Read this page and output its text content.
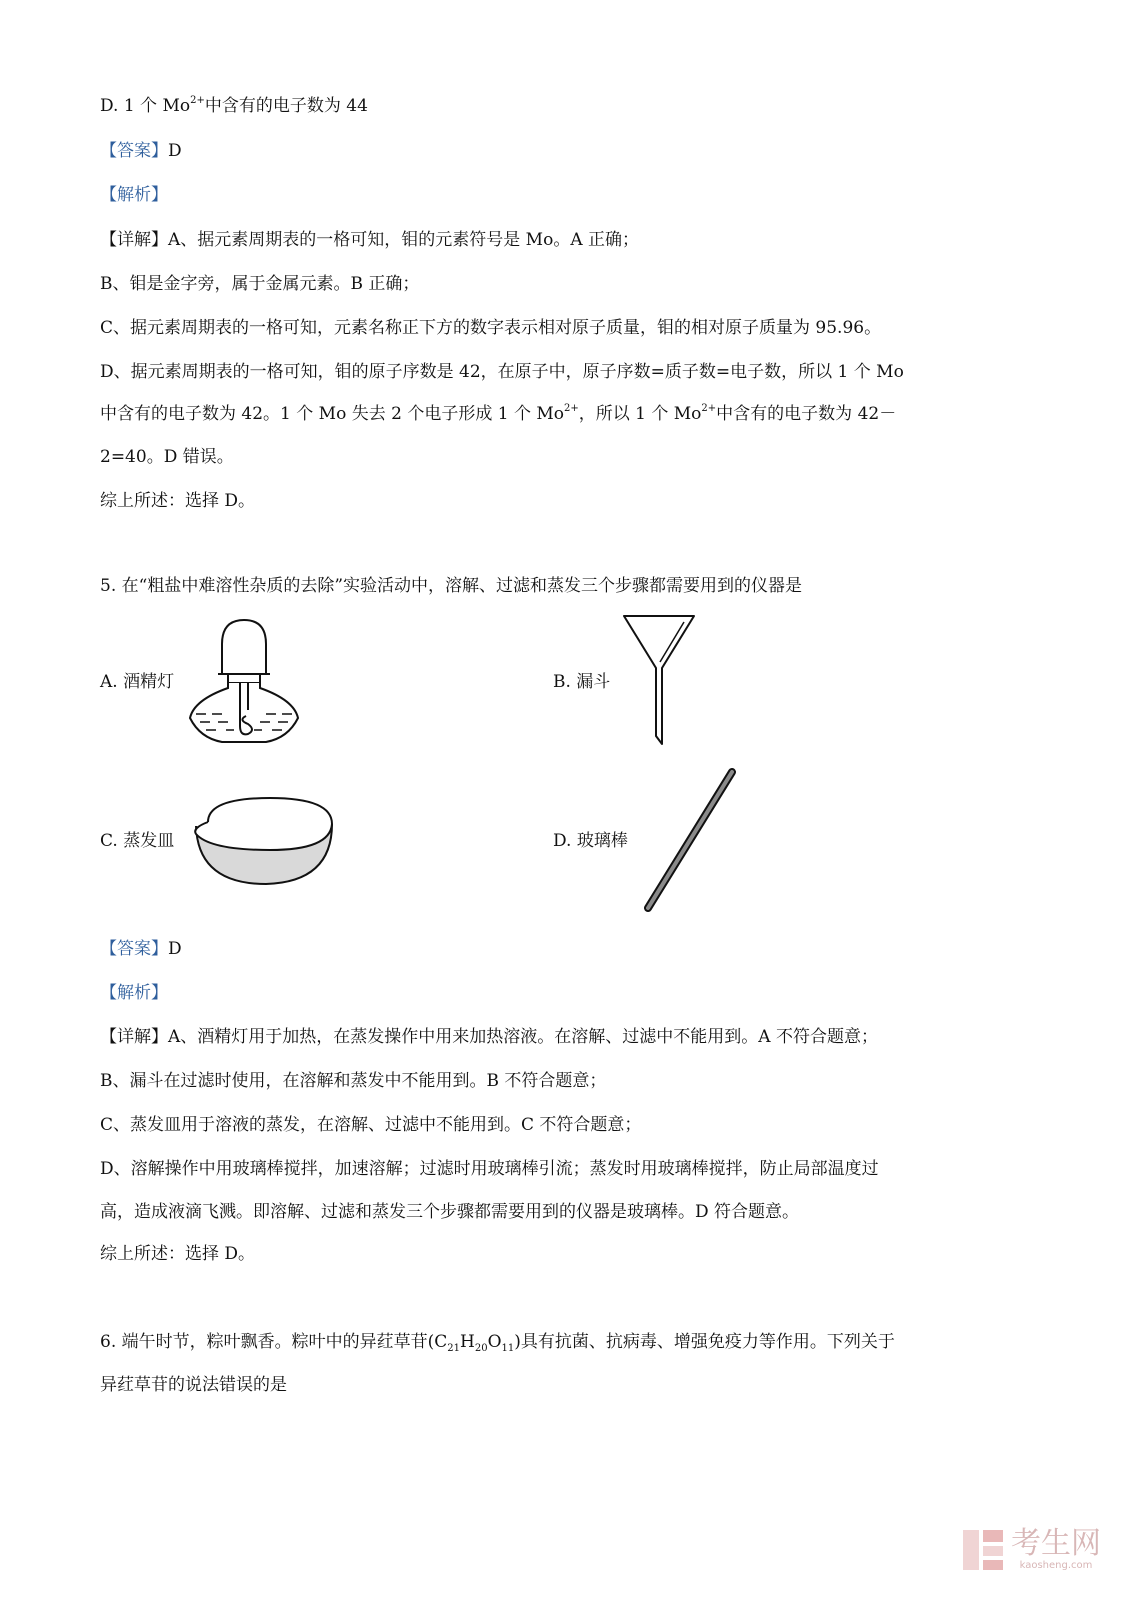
D. 1 个 $Mo^{2+}$中含有的电子数为 44
【答案】D
【解析】
【详解】A、据元素周期表的一格可知，钼的元素符号是 Mo。A 正确；
B、钼是金字旁，属于金属元素。B 正确；
C、据元素周期表的一格可知，元素名称正下方的数字表示相对原子质量，钼的相对原子质量为 95.96。
D、据元素周期表的一格可知，钼的原子序数是 42，在原子中，原子序数=质子数=电子数，所以 1 个 Mo
中含有的电子数为 42。1 个 Mo 失去 2 个电子形成 1 个 $Mo^{2+}$，所以 1 个 $Mo^{2+}$中含有的电子数为 42－
2=40。D 错误。
综上所述：选择 D。
5. 在“粗盐中难溶性杂质的去除”实验活动中，溶解、过滤和蒸发三个步骤都需要用到的仪器是
A. 酒精灯	B. 漏斗
C. 蒸发皿	D. 玻璃棒
【答案】D
【解析】
【详解】A、酒精灯用于加热，在蒸发操作中用来加热溶液。在溶解、过滤中不能用到。A 不符合题意；
B、漏斗在过滤时使用，在溶解和蒸发中不能用到。B 不符合题意；
C、蒸发皿用于溶液的蒸发，在溶解、过滤中不能用到。C 不符合题意；
D、溶解操作中用玻璃棒搅拌，加速溶解；过滤时用玻璃棒引流；蒸发时用玻璃棒搅拌，防止局部温度过
高，造成液滴飞溅。即溶解、过滤和蒸发三个步骤都需要用到的仪器是玻璃棒。D 符合题意。
综上所述：选择 D。
6. 端午时节，粽叶飘香。粽叶中的异荭草苷$(C_{21}H_{20}O_{11})$具有抗菌、抗病毒、增强免疫力等作用。下列关于
异荭草苷的说法错误的是
考生网
kaosheng.com
